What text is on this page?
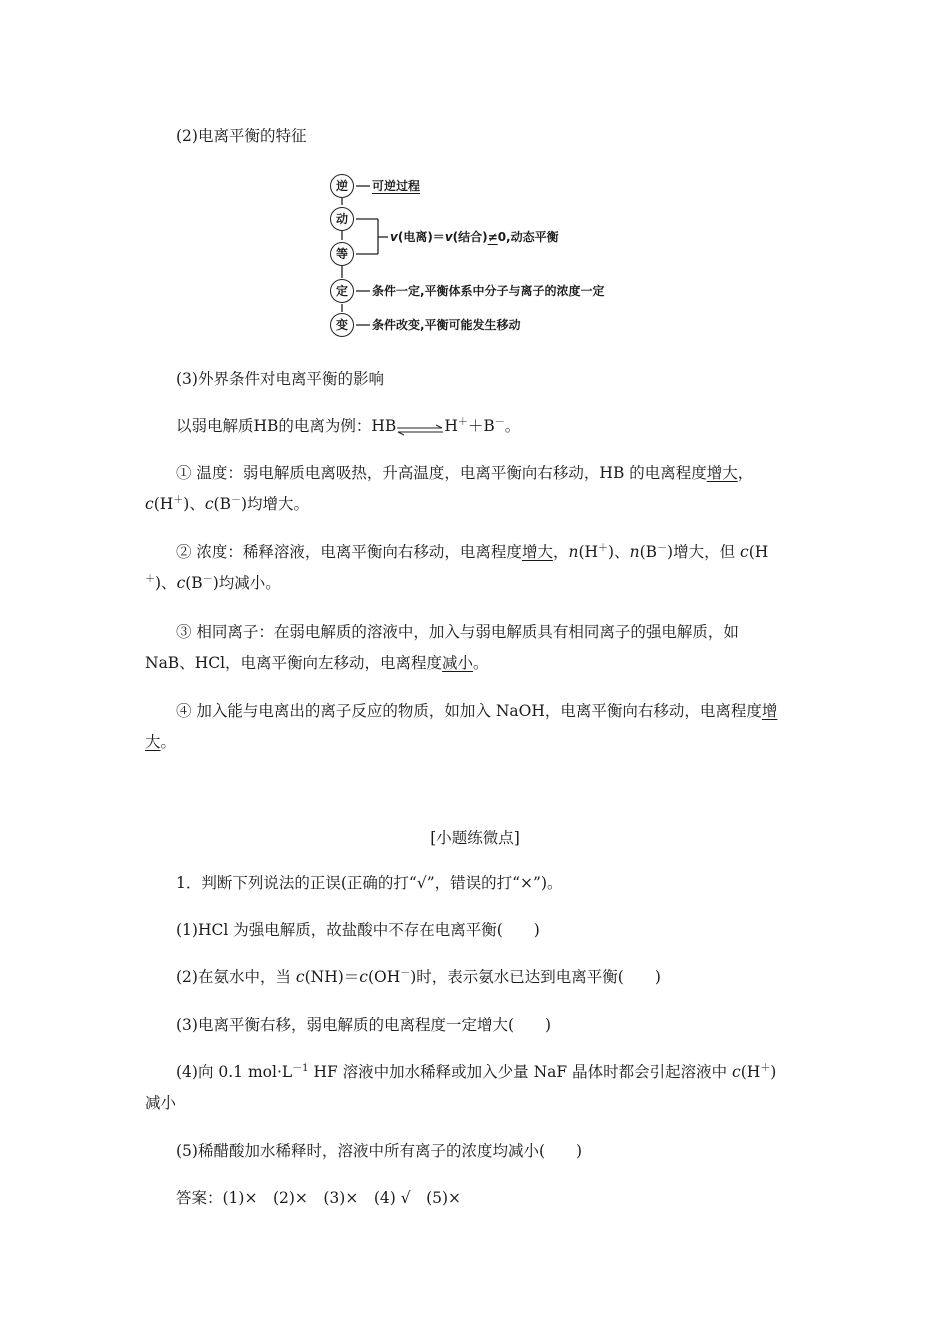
(2)电离平衡的特征
逆
动
等
定
变
可逆过程
v(电离)＝v(结合)≠0,动态平衡
条件一定,平衡体系中分子与离子的浓度一定
条件改变,平衡可能发生移动
(3)外界条件对电离平衡的影响
以弱电解质HB的电离为例：HB⇌H＋＋B－。
① 温度：弱电解质电离吸热，升高温度，电离平衡向右移动，HB 的电离程度增大，
c(H＋)、c(B－)均增大。
② 浓度：稀释溶液，电离平衡向右移动，电离程度增大，n(H＋)、n(B－)增大，但 c(H
＋)、c(B－)均减小。
③ 相同离子：在弱电解质的溶液中，加入与弱电解质具有相同离子的强电解质，如
NaB、HCl，电离平衡向左移动，电离程度减小。
④ 加入能与电离出的离子反应的物质，如加入 NaOH，电离平衡向右移动，电离程度增
大。
[小题练微点]
1．判断下列说法的正误(正确的打“√”，错误的打“×”)。
(1)HCl 为强电解质，故盐酸中不存在电离平衡(　　)
(2)在氨水中，当 c(NH)＝c(OH－)时，表示氨水已达到电离平衡(　　)
(3)电离平衡右移，弱电解质的电离程度一定增大(　　)
(4)向 0.1 $mol\cdot L^{-1}$ HF 溶液中加水稀释或加入少量 NaF 晶体时都会引起溶液中 c(H＋)
减小
(5)稀醋酸加水稀释时，溶液中所有离子的浓度均减小(　　)
答案：(1)×　(2)×　(3)×　(4) √　(5)×
